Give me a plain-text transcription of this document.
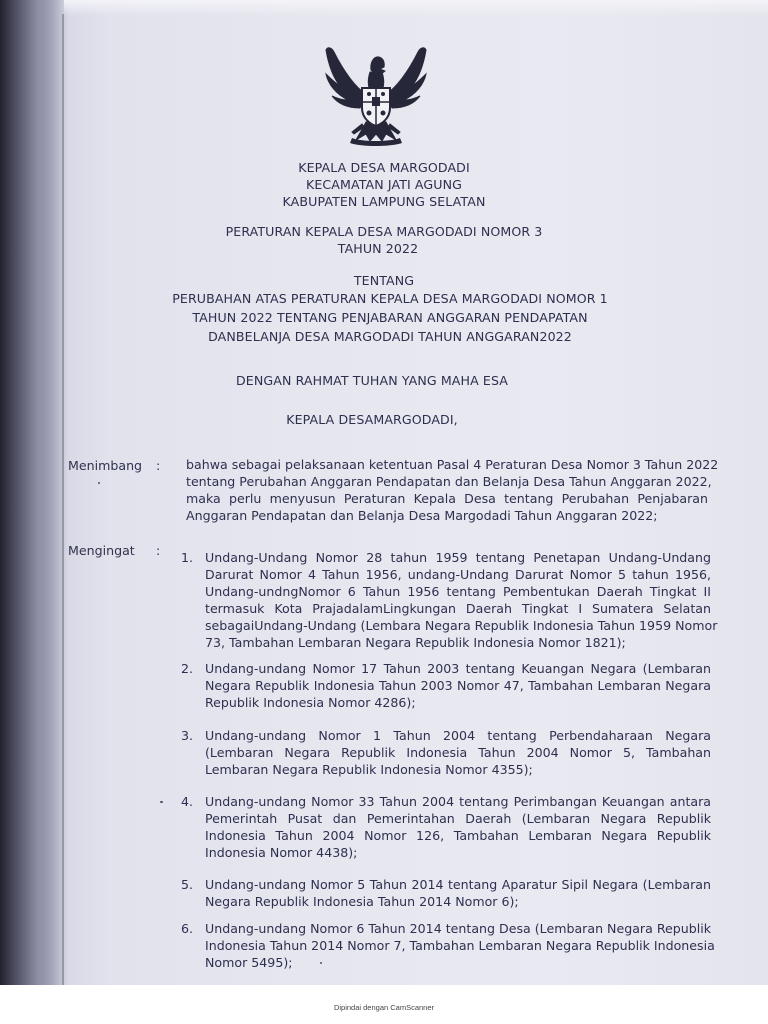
KEPALA DESA MARGODADI
KECAMATAN JATI AGUNG
KABUPATEN LAMPUNG SELATAN
PERATURAN KEPALA DESA MARGODADI NOMOR 3
TAHUN 2022
TENTANG
PERUBAHAN ATAS PERATURAN KEPALA DESA MARGODADI NOMOR 1
TAHUN 2022 TENTANG PENJABARAN ANGGARAN PENDAPATAN
DANBELANJA DESA MARGODADI TAHUN ANGGARAN2022
DENGAN RAHMAT TUHAN YANG MAHA ESA
KEPALA DESAMARGODADI,
Menimbang : bahwa sebagai pelaksanaan ketentuan Pasal 4 Peraturan Desa Nomor 3 Tahun 2022
tentang Perubahan Anggaran Pendapatan dan Belanja Desa Tahun Anggaran 2022,
maka perlu menyusun Peraturan Kepala Desa tentang Perubahan Penjabaran
Anggaran Pendapatan dan Belanja Desa Margodadi Tahun Anggaran 2022;
Mengingat : 1. Undang-Undang Nomor 28 tahun 1959 tentang Penetapan Undang-Undang
Darurat Nomor 4 Tahun 1956, undang-Undang Darurat Nomor 5 tahun 1956,
Undang-undngNomor 6 Tahun 1956 tentang Pembentukan Daerah Tingkat II
termasuk Kota PrajadalamLingkungan Daerah Tingkat I Sumatera Selatan
sebagaiUndang-Undang (Lembara Negara Republik Indonesia Tahun 1959 Nomor
73, Tambahan Lembaran Negara Republik Indonesia Nomor 1821);
2. Undang-undang Nomor 17 Tahun 2003 tentang Keuangan Negara (Lembaran
Negara Republik Indonesia Tahun 2003 Nomor 47, Tambahan Lembaran Negara
Republik Indonesia Nomor 4286);
3. Undang-undang Nomor 1 Tahun 2004 tentang Perbendaharaan Negara
(Lembaran Negara Republik Indonesia Tahun 2004 Nomor 5, Tambahan
Lembaran Negara Republik Indonesia Nomor 4355);
4. Undang-undang Nomor 33 Tahun 2004 tentang Perimbangan Keuangan antara
Pemerintah Pusat dan Pemerintahan Daerah (Lembaran Negara Republik
Indonesia Tahun 2004 Nomor 126, Tambahan Lembaran Negara Republik
Indonesia Nomor 4438);
5. Undang-undang Nomor 5 Tahun 2014 tentang Aparatur Sipil Negara (Lembaran
Negara Republik Indonesia Tahun 2014 Nomor 6);
6. Undang-undang Nomor 6 Tahun 2014 tentang Desa (Lembaran Negara Republik
Indonesia Tahun 2014 Nomor 7, Tambahan Lembaran Negara Republik Indonesia
Nomor 5495);
Dipindai dengan CamScanner
